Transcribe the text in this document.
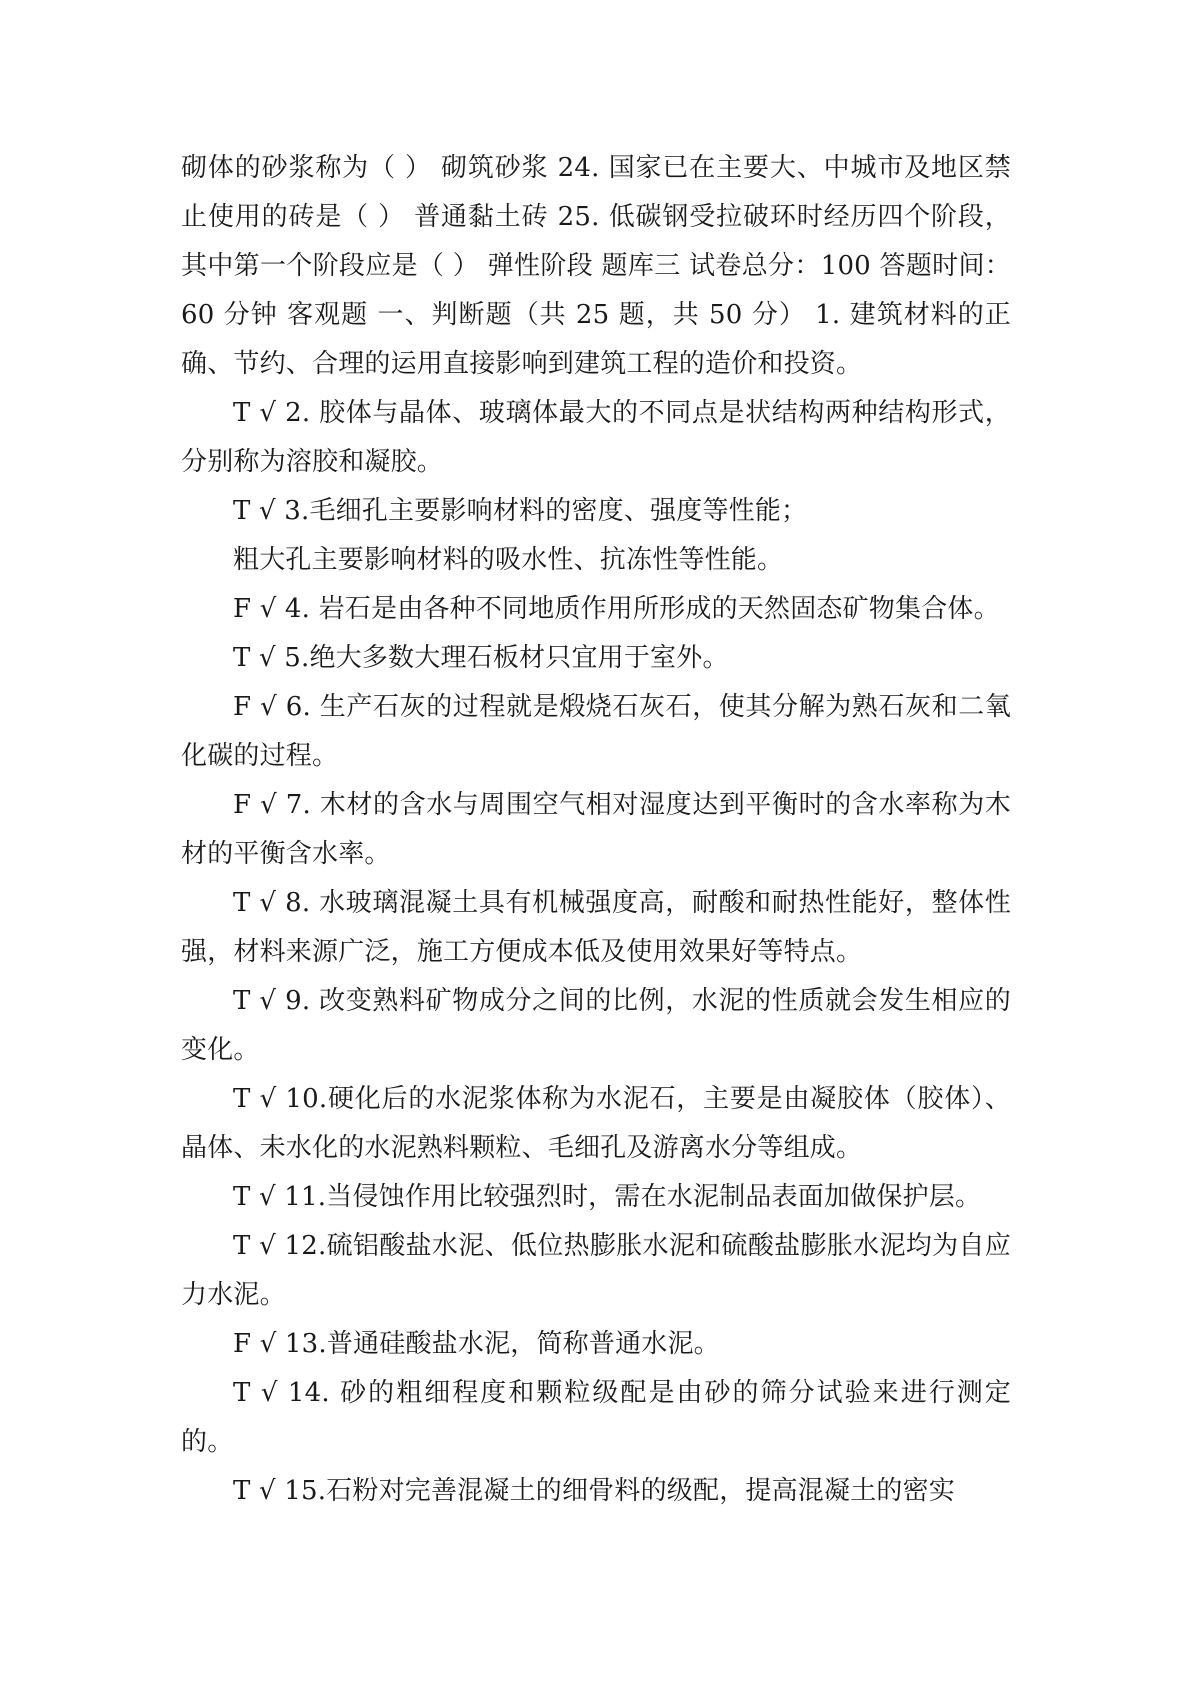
砌体的砂浆称为（ ） 砌筑砂浆 24. 国家已在主要大、中城市及地区禁止使用的砖是（ ） 普通黏土砖 25. 低碳钢受拉破环时经历四个阶段，其中第一个阶段应是（ ） 弹性阶段 题库三 试卷总分：100 答题时间：60 分钟 客观题 一、判断题（共 25 题，共 50 分） 1. 建筑材料的正确、节约、合理的运用直接影响到建筑工程的造价和投资。

T √ 2. 胶体与晶体、玻璃体最大的不同点是状结构两种结构形式，分别称为溶胶和凝胶。

T √ 3.毛细孔主要影响材料的密度、强度等性能；

粗大孔主要影响材料的吸水性、抗冻性等性能。

F √ 4. 岩石是由各种不同地质作用所形成的天然固态矿物集合体。

T √ 5.绝大多数大理石板材只宜用于室外。

F √ 6. 生产石灰的过程就是煅烧石灰石，使其分解为熟石灰和二氧化碳的过程。

F √ 7. 木材的含水与周围空气相对湿度达到平衡时的含水率称为木材的平衡含水率。

T √ 8. 水玻璃混凝土具有机械强度高，耐酸和耐热性能好，整体性强，材料来源广泛，施工方便成本低及使用效果好等特点。

T √ 9. 改变熟料矿物成分之间的比例，水泥的性质就会发生相应的变化。

T √ 10.硬化后的水泥浆体称为水泥石，主要是由凝胶体（胶体）、晶体、未水化的水泥熟料颗粒、毛细孔及游离水分等组成。

T √ 11.当侵蚀作用比较强烈时，需在水泥制品表面加做保护层。

T √ 12.硫铝酸盐水泥、低位热膨胀水泥和硫酸盐膨胀水泥均为自应力水泥。

F √ 13.普通硅酸盐水泥，简称普通水泥。

T √ 14. 砂的粗细程度和颗粒级配是由砂的筛分试验来进行测定的。

T √ 15.石粉对完善混凝土的细骨料的级配，提高混凝土的密实
